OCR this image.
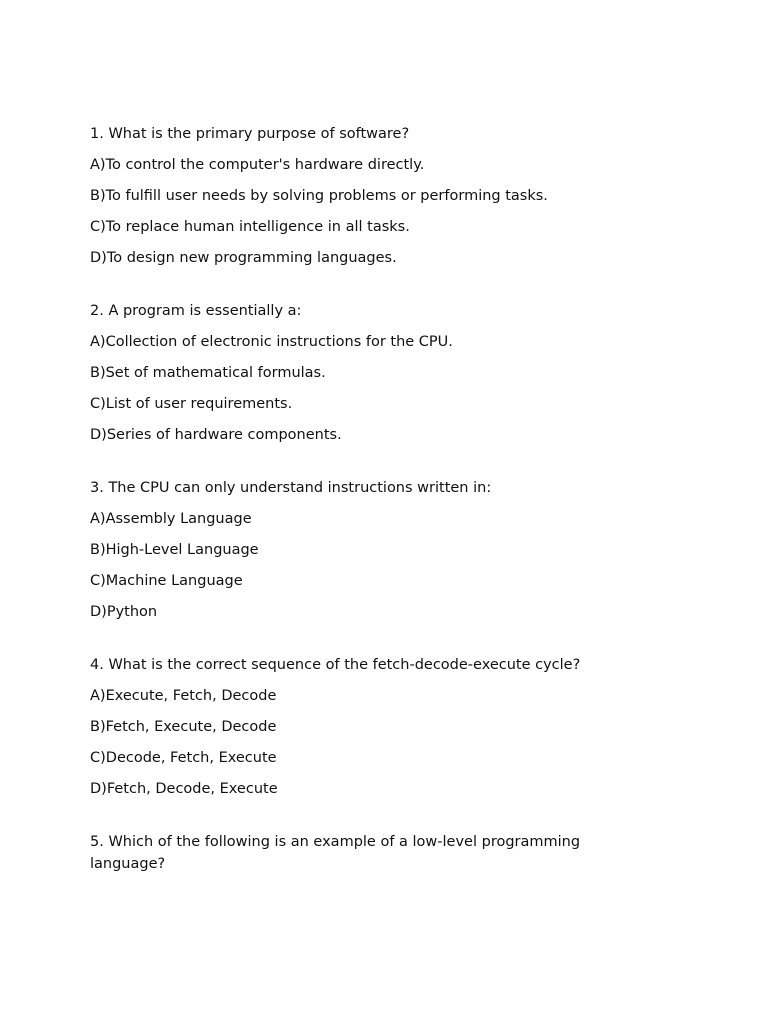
1. What is the primary purpose of software?
A)To control the computer's hardware directly.
B)To fulfill user needs by solving problems or performing tasks.
C)To replace human intelligence in all tasks.
D)To design new programming languages.
2. A program is essentially a:
A)Collection of electronic instructions for the CPU.
B)Set of mathematical formulas.
C)List of user requirements.
D)Series of hardware components.
3. The CPU can only understand instructions written in:
A)Assembly Language
B)High-Level Language
C)Machine Language
D)Python
4. What is the correct sequence of the fetch-decode-execute cycle?
A)Execute, Fetch, Decode
B)Fetch, Execute, Decode
C)Decode, Fetch, Execute
D)Fetch, Decode, Execute
5. Which of the following is an example of a low-level programming language?
